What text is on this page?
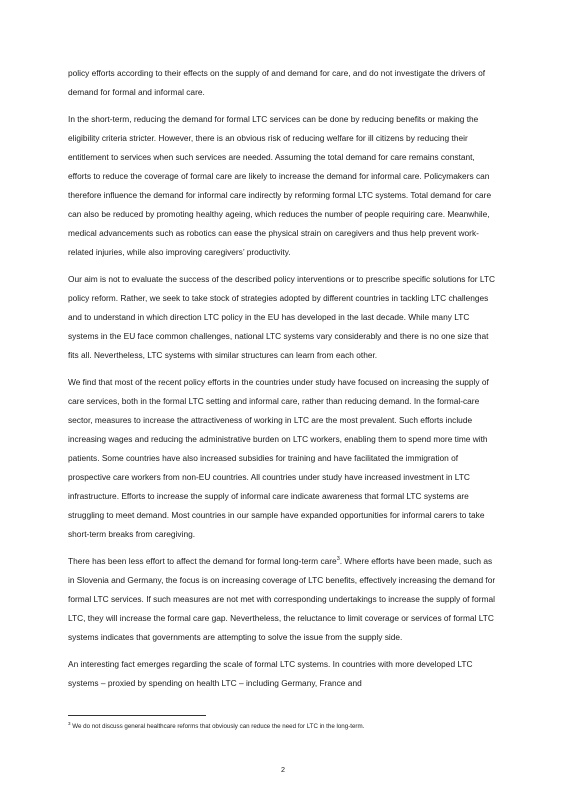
policy efforts according to their effects on the supply of and demand for care, and do not investigate the drivers of demand for formal and informal care.

In the short-term, reducing the demand for formal LTC services can be done by reducing benefits or making the eligibility criteria stricter. However, there is an obvious risk of reducing welfare for ill citizens by reducing their entitlement to services when such services are needed. Assuming the total demand for care remains constant, efforts to reduce the coverage of formal care are likely to increase the demand for informal care. Policymakers can therefore influence the demand for informal care indirectly by reforming formal LTC systems. Total demand for care can also be reduced by promoting healthy ageing, which reduces the number of people requiring care. Meanwhile, medical advancements such as robotics can ease the physical strain on caregivers and thus help prevent work-related injuries, while also improving caregivers’ productivity.

Our aim is not to evaluate the success of the described policy interventions or to prescribe specific solutions for LTC policy reform. Rather, we seek to take stock of strategies adopted by different countries in tackling LTC challenges and to understand in which direction LTC policy in the EU has developed in the last decade. While many LTC systems in the EU face common challenges, national LTC systems vary considerably and there is no one size that fits all. Nevertheless, LTC systems with similar structures can learn from each other.

We find that most of the recent policy efforts in the countries under study have focused on increasing the supply of care services, both in the formal LTC setting and informal care, rather than reducing demand. In the formal-care sector, measures to increase the attractiveness of working in LTC are the most prevalent. Such efforts include increasing wages and reducing the administrative burden on LTC workers, enabling them to spend more time with patients. Some countries have also increased subsidies for training and have facilitated the immigration of prospective care workers from non-EU countries. All countries under study have increased investment in LTC infrastructure. Efforts to increase the supply of informal care indicate awareness that formal LTC systems are struggling to meet demand. Most countries in our sample have expanded opportunities for informal carers to take short-term breaks from caregiving.

There has been less effort to affect the demand for formal long-term care$^3$. Where efforts have been made, such as in Slovenia and Germany, the focus is on increasing coverage of LTC benefits, effectively increasing the demand for formal LTC services. If such measures are not met with corresponding undertakings to increase the supply of formal LTC, they will increase the formal care gap. Nevertheless, the reluctance to limit coverage or services of formal LTC systems indicates that governments are attempting to solve the issue from the supply side.

An interesting fact emerges regarding the scale of formal LTC systems. In countries with more developed LTC systems – proxied by spending on health LTC – including Germany, France and

$^3$ We do not discuss general healthcare reforms that obviously can reduce the need for LTC in the long-term.
2
